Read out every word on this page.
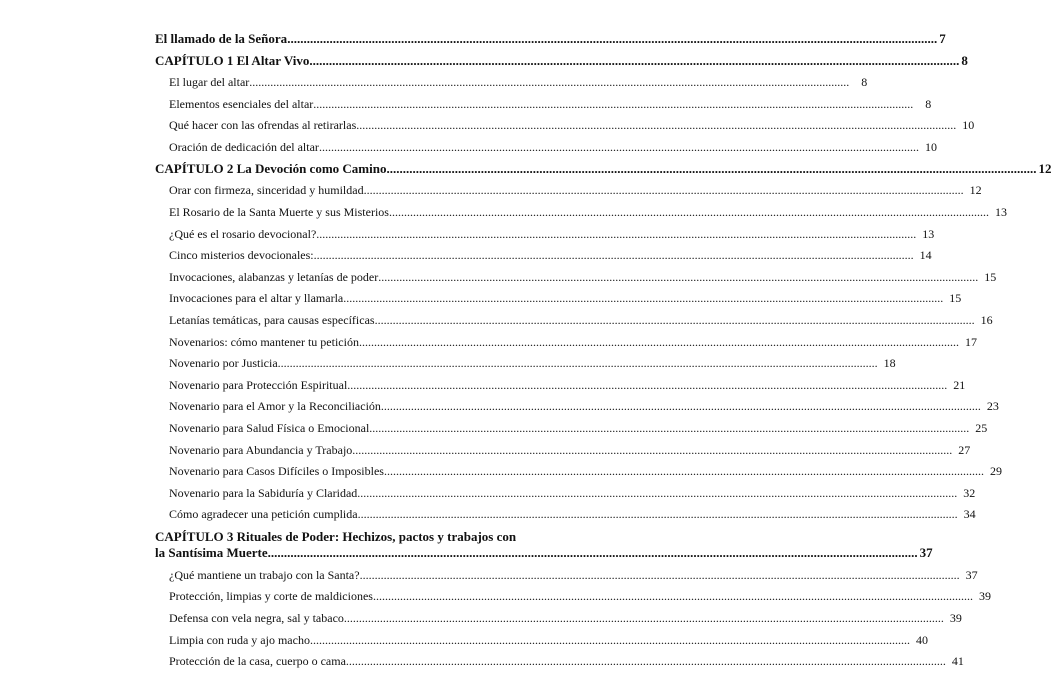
El llamado de la Señora .....	7
CAPÍTULO 1 El Altar Vivo .....	8
El lugar del altar .....	8
Elementos esenciales del altar .....	8
Qué hacer con las ofrendas al retirarlas .....	10
Oración de dedicación del altar .....	10
CAPÍTULO 2 La Devoción como Camino .....	12
Orar con firmeza, sinceridad y humildad .....	12
El Rosario de la Santa Muerte y sus Misterios .....	13
¿Qué es el rosario devocional? .....	13
Cinco misterios devocionales: .....	14
Invocaciones, alabanzas y letanías de poder .....	15
Invocaciones para el altar y llamarla .....	15
Letanías temáticas, para causas específicas .....	16
Novenarios: cómo mantener tu petición .....	17
Novenario por Justicia .....	18
Novenario para Protección Espiritual .....	21
Novenario para el Amor y la Reconciliación .....	23
Novenario para Salud Física o Emocional .....	25
Novenario para Abundancia y Trabajo .....	27
Novenario para Casos Difíciles o Imposibles .....	29
Novenario para la Sabiduría y Claridad .....	32
Cómo agradecer una petición cumplida .....	34
CAPÍTULO 3 Rituales de Poder: Hechizos, pactos y trabajos con
la Santísima Muerte .....	37
¿Qué mantiene un trabajo con la Santa? .....	37
Protección, limpias y corte de maldiciones .....	39
Defensa con vela negra, sal y tabaco .....	39
Limpia con ruda y ajo macho .....	40
Protección de la casa, cuerpo o cama .....	41
